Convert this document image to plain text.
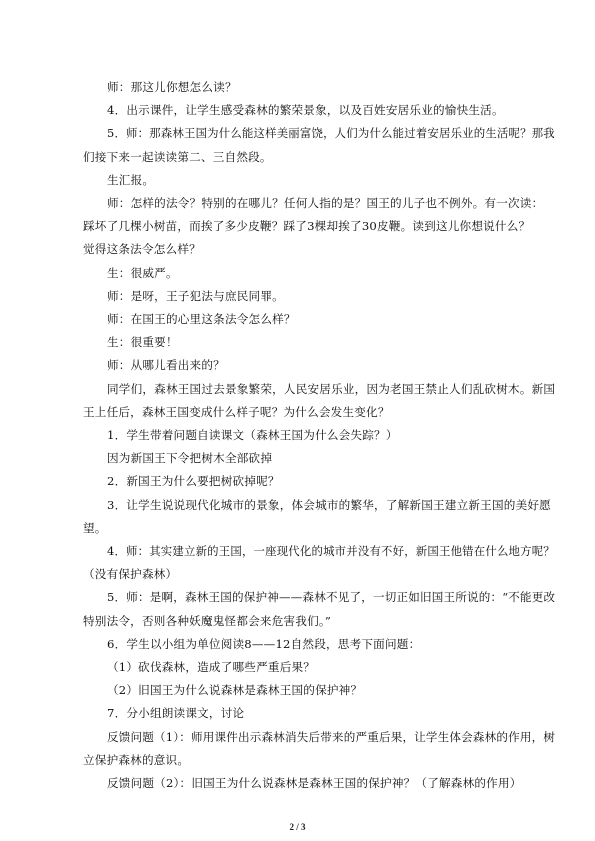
师：那这儿你想怎么读？
4．出示课件，让学生感受森林的繁荣景象，以及百姓安居乐业的愉快生活。
5．师：那森林王国为什么能这样美丽富饶，人们为什么能过着安居乐业的生活呢？那我
们接下来一起读读第二、三自然段。
生汇报。
师：怎样的法令？特别的在哪儿？任何人指的是？国王的儿子也不例外。有一次读：
踩坏了几棵小树苗，而挨了多少皮鞭？踩了3棵却挨了30皮鞭。读到这儿你想说什么？
觉得这条法令怎么样？
生：很威严。
师：是呀，王子犯法与庶民同罪。
师：在国王的心里这条法令怎么样？
生：很重要！
师：从哪儿看出来的？
同学们，森林王国过去景象繁荣，人民安居乐业，因为老国王禁止人们乱砍树木。新国
王上任后，森林王国变成什么样子呢？为什么会发生变化？
1．学生带着问题自读课文（森林王国为什么会失踪？）
因为新国王下令把树木全部砍掉
2．新国王为什么要把树砍掉呢？
3．让学生说说现代化城市的景象，体会城市的繁华，了解新国王建立新王国的美好愿
望。
4．师：其实建立新的王国，一座现代化的城市并没有不好，新国王他错在什么地方呢？
（没有保护森林）
5．师：是啊，森林王国的保护神——森林不见了，一切正如旧国王所说的：“不能更改
特别法令，否则各种妖魔鬼怪都会来危害我们。”
6．学生以小组为单位阅读8——12自然段，思考下面问题：
（1）砍伐森林，造成了哪些严重后果？
（2）旧国王为什么说森林是森林王国的保护神？
7．分小组朗读课文，讨论
反馈问题（1）：师用课件出示森林消失后带来的严重后果，让学生体会森林的作用，树
立保护森林的意识。
反馈问题（2）：旧国王为什么说森林是森林王国的保护神？（了解森林的作用）
2 / 3
